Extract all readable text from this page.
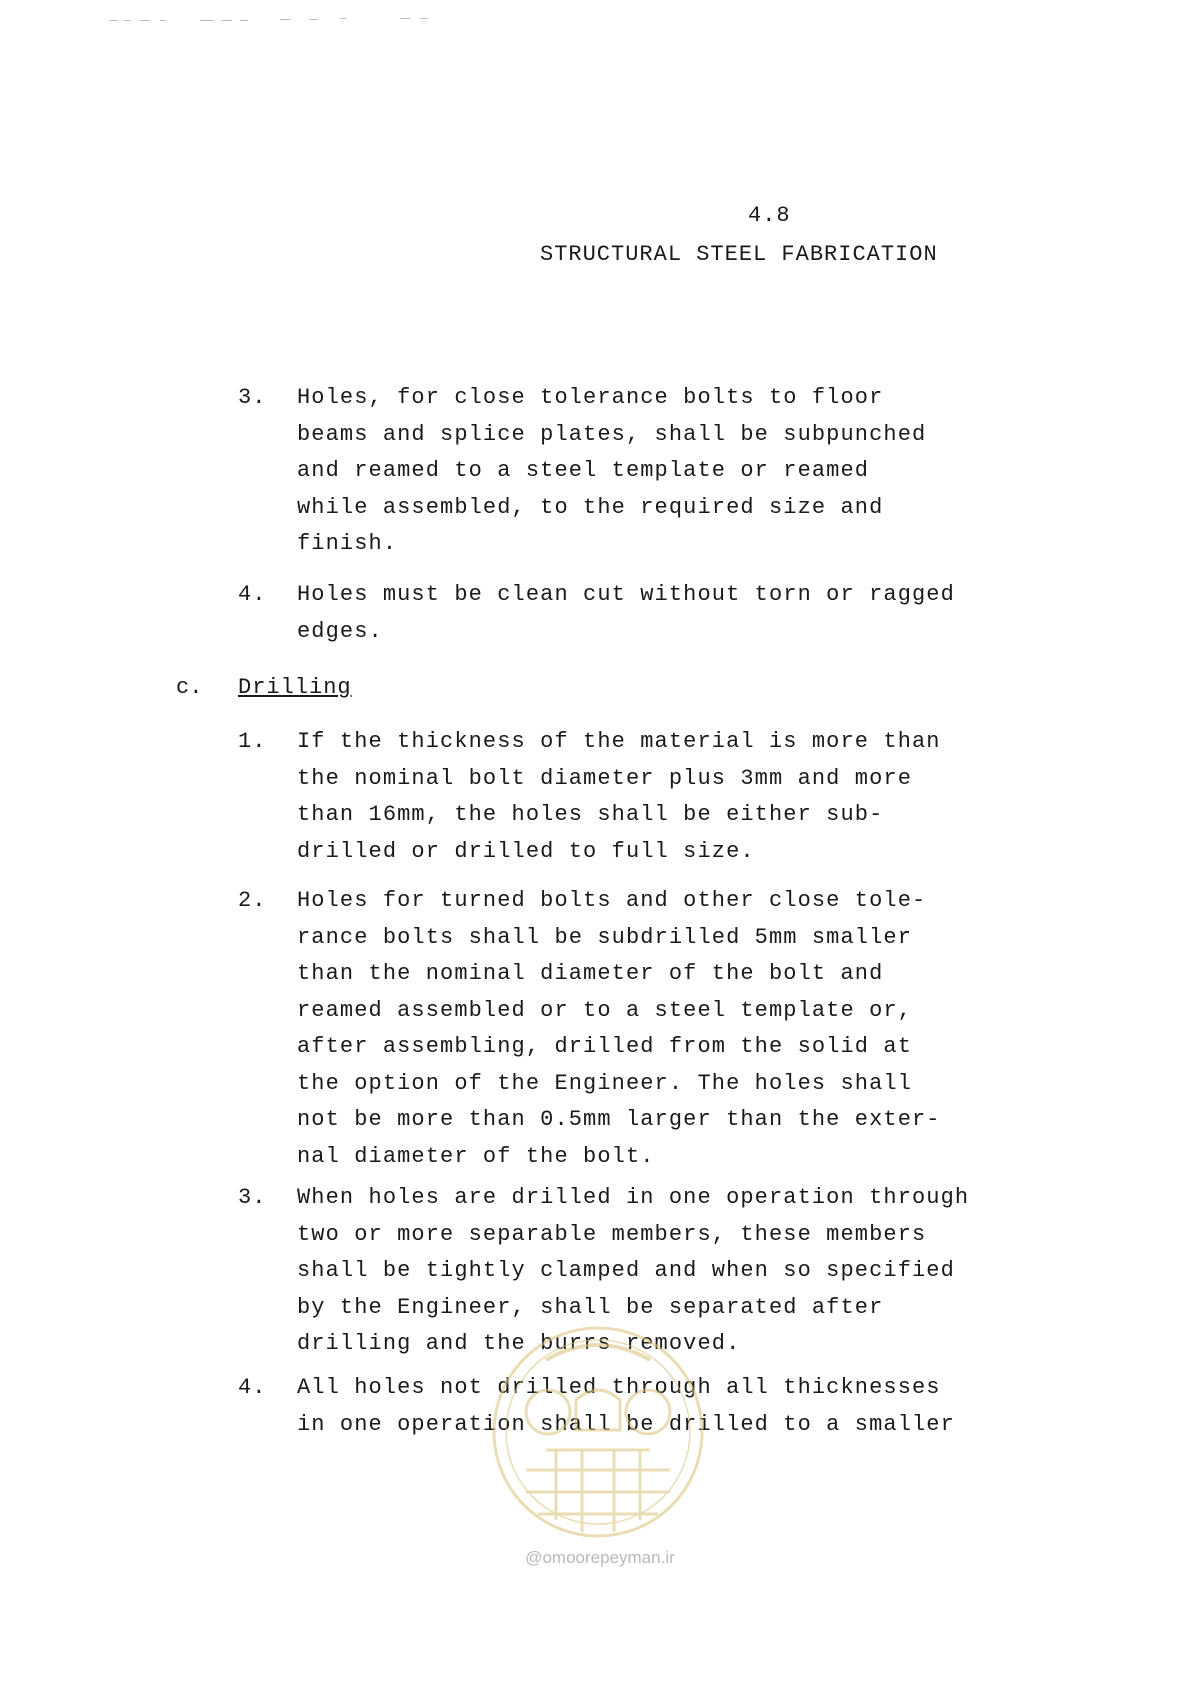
4.8
STRUCTURAL STEEL FABRICATION
3.	Holes, for close tolerance bolts to floor
beams and splice plates, shall be subpunched
and reamed to a steel template or reamed
while assembled, to the required size and
finish.
4.	Holes must be clean cut without torn or ragged
edges.
c. Drilling
1.	If the thickness of the material is more than
the nominal bolt diameter plus 3mm and more
than 16mm, the holes shall be either sub-
drilled or drilled to full size.
2.	Holes for turned bolts and other close tole-
rance bolts shall be subdrilled 5mm smaller
than the nominal diameter of the bolt and
reamed assembled or to a steel template or,
after assembling, drilled from the solid at
the option of the Engineer. The holes shall
not be more than 0.5mm larger than the exter-
nal diameter of the bolt.
3.	When holes are drilled in one operation through
two or more separable members, these members
shall be tightly clamped and when so specified
by the Engineer, shall be separated after
drilling and the burrs removed.
4.	All holes not drilled through all thicknesses
in one operation shall be drilled to a smaller
@omoorepeyman.ir
